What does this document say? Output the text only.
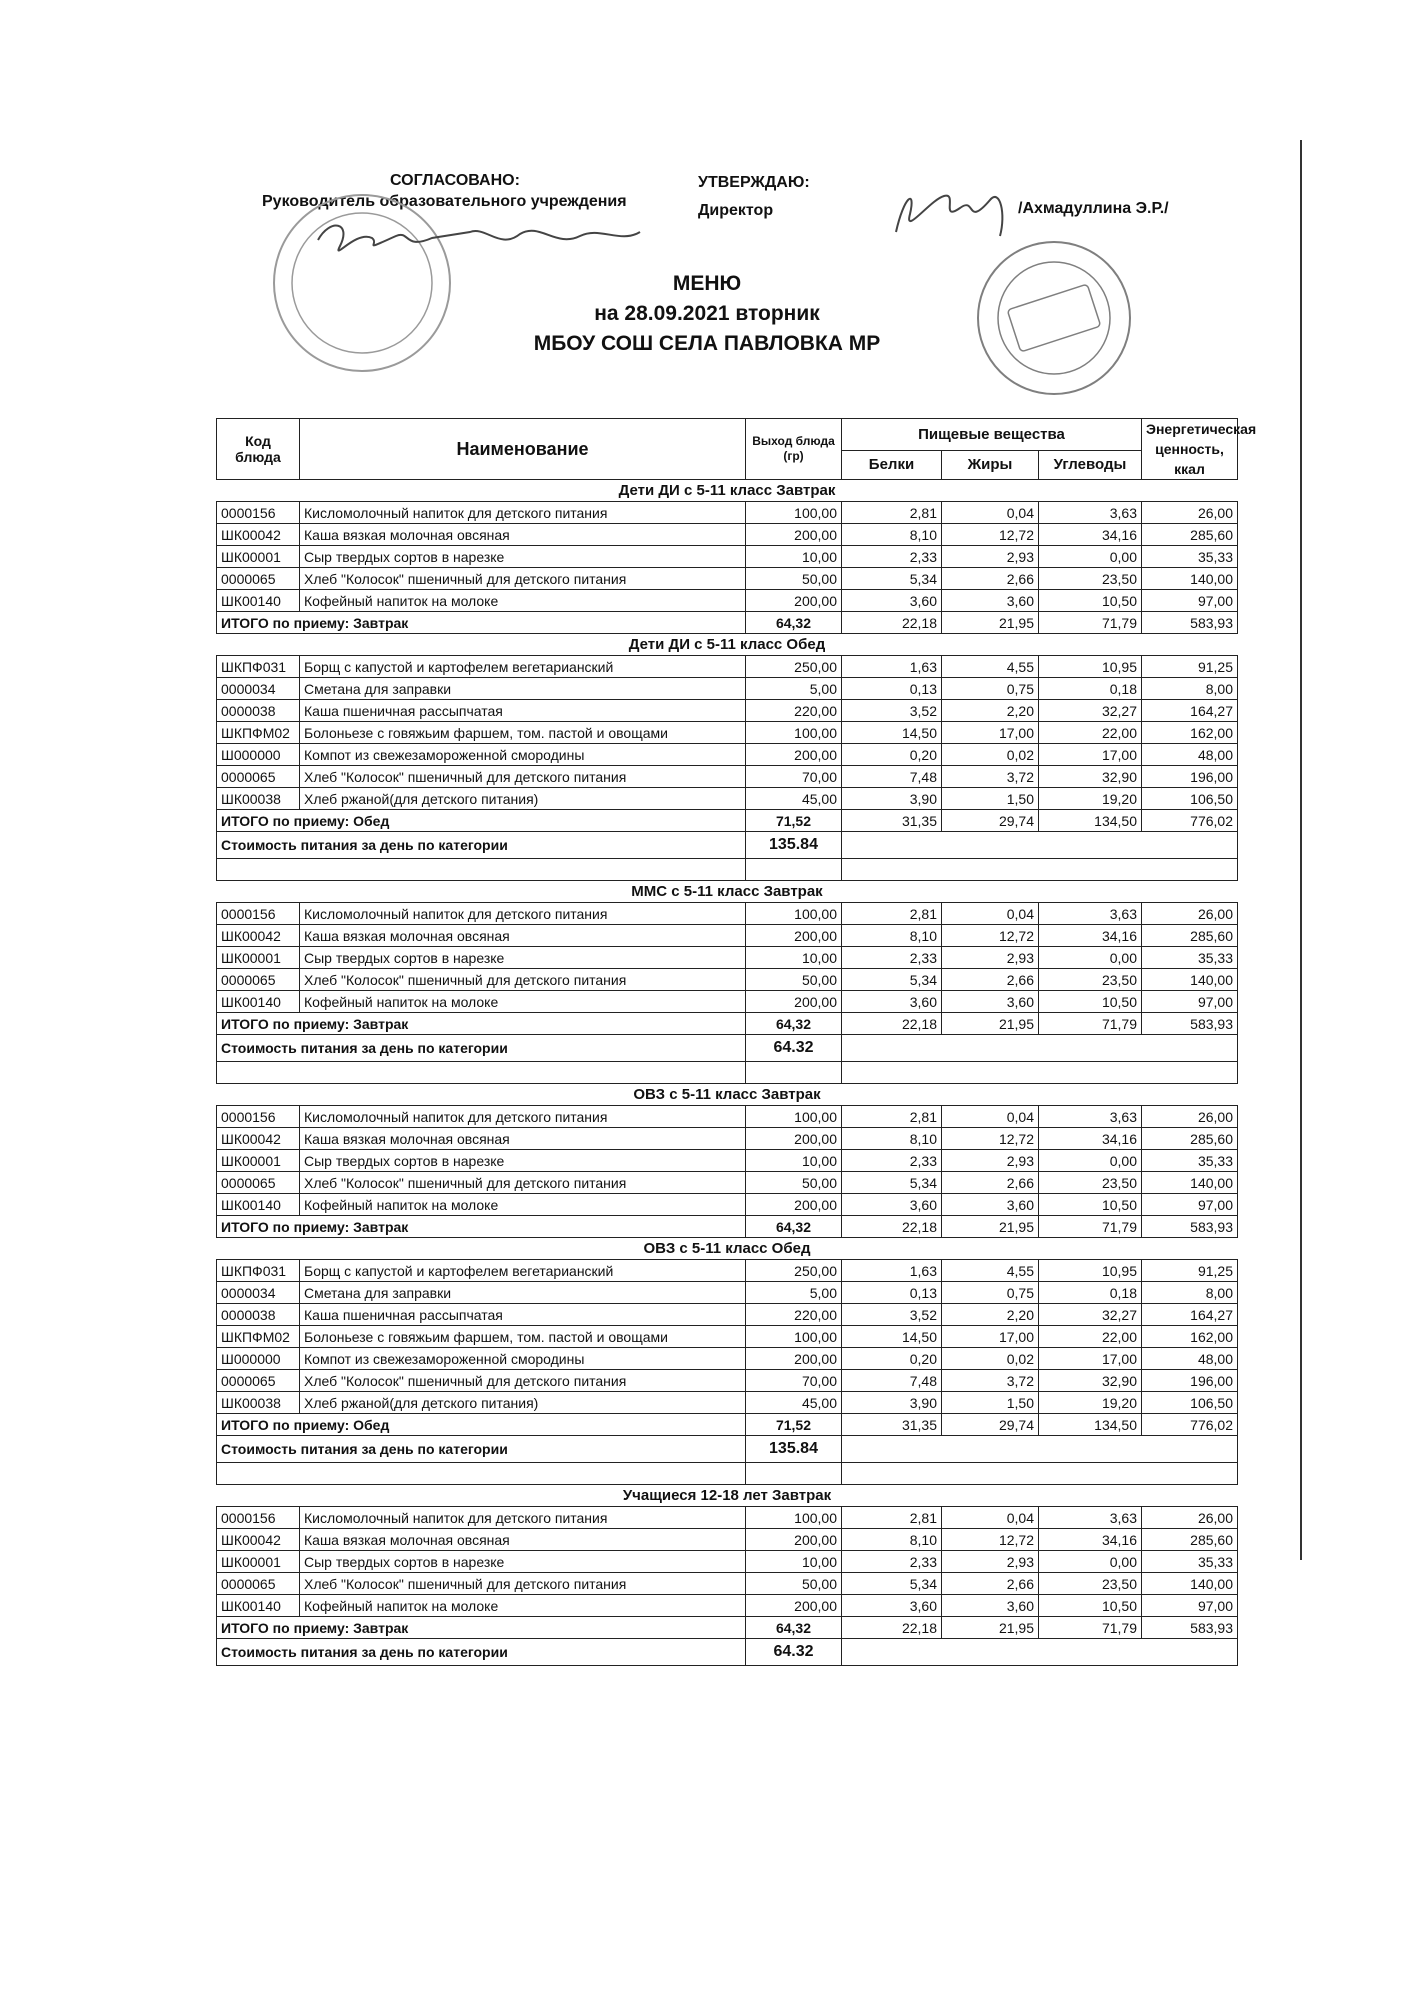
СОГЛАСОВАНО:
Руководитель образовательного учреждения
УТВЕРЖДАЮ:
Директор	/Ахмадуллина Э.Р./
МЕНЮ
на 28.09.2021 вторник
МБОУ СОШ СЕЛА ПАВЛОВКА МР
Код блюда	Наименование	Выход блюда (гр)	Пищевые вещества			Энергетическая ценность, ккал
			Белки	Жиры	Углеводы	
Дети ДИ с 5-11 класс Завтрак						
0000156	Кисломолочный напиток для детского питания	100,00	2,81	0,04	3,63	26,00
ШК00042	Каша вязкая молочная овсяная	200,00	8,10	12,72	34,16	285,60
ШК00001	Сыр твердых сортов в нарезке	10,00	2,33	2,93	0,00	35,33
0000065	Хлеб "Колосок" пшеничный для детского питания	50,00	5,34	2,66	23,50	140,00
ШК00140	Кофейный напиток на молоке	200,00	3,60	3,60	10,50	97,00
ИТОГО по приему: Завтрак		64,32	22,18	21,95	71,79	583,93
Дети ДИ с 5-11 класс Обед						
ШКПФ031	Борщ с капустой и картофелем вегетарианский	250,00	1,63	4,55	10,95	91,25
0000034	Сметана для заправки	5,00	0,13	0,75	0,18	8,00
0000038	Каша пшеничная рассыпчатая	220,00	3,52	2,20	32,27	164,27
ШКПФМ02	Болоньезе с говяжьим фаршем, том. пастой и овощами	100,00	14,50	17,00	22,00	162,00
Ш000000	Компот из свежезамороженной смородины	200,00	0,20	0,02	17,00	48,00
0000065	Хлеб "Колосок" пшеничный для детского питания	70,00	7,48	3,72	32,90	196,00
ШК00038	Хлеб ржаной(для детского питания)	45,00	3,90	1,50	19,20	106,50
ИТОГО по приему: Обед		71,52	31,35	29,74	134,50	776,02
Стоимость питания за день по категории		135.84				

ММС с 5-11 класс Завтрак						
0000156	Кисломолочный напиток для детского питания	100,00	2,81	0,04	3,63	26,00
ШК00042	Каша вязкая молочная овсяная	200,00	8,10	12,72	34,16	285,60
ШК00001	Сыр твердых сортов в нарезке	10,00	2,33	2,93	0,00	35,33
0000065	Хлеб "Колосок" пшеничный для детского питания	50,00	5,34	2,66	23,50	140,00
ШК00140	Кофейный напиток на молоке	200,00	3,60	3,60	10,50	97,00
ИТОГО по приему: Завтрак		64,32	22,18	21,95	71,79	583,93
Стоимость питания за день по категории		64.32				

ОВЗ с 5-11 класс Завтрак						
0000156	Кисломолочный напиток для детского питания	100,00	2,81	0,04	3,63	26,00
ШК00042	Каша вязкая молочная овсяная	200,00	8,10	12,72	34,16	285,60
ШК00001	Сыр твердых сортов в нарезке	10,00	2,33	2,93	0,00	35,33
0000065	Хлеб "Колосок" пшеничный для детского питания	50,00	5,34	2,66	23,50	140,00
ШК00140	Кофейный напиток на молоке	200,00	3,60	3,60	10,50	97,00
ИТОГО по приему: Завтрак		64,32	22,18	21,95	71,79	583,93
ОВЗ с 5-11 класс Обед						
ШКПФ031	Борщ с капустой и картофелем вегетарианский	250,00	1,63	4,55	10,95	91,25
0000034	Сметана для заправки	5,00	0,13	0,75	0,18	8,00
0000038	Каша пшеничная рассыпчатая	220,00	3,52	2,20	32,27	164,27
ШКПФМ02	Болоньезе с говяжьим фаршем, том. пастой и овощами	100,00	14,50	17,00	22,00	162,00
Ш000000	Компот из свежезамороженной смородины	200,00	0,20	0,02	17,00	48,00
0000065	Хлеб "Колосок" пшеничный для детского питания	70,00	7,48	3,72	32,90	196,00
ШК00038	Хлеб ржаной(для детского питания)	45,00	3,90	1,50	19,20	106,50
ИТОГО по приему: Обед		71,52	31,35	29,74	134,50	776,02
Стоимость питания за день по категории		135.84				

Учащиеся 12-18 лет Завтрак						
0000156	Кисломолочный напиток для детского питания	100,00	2,81	0,04	3,63	26,00
ШК00042	Каша вязкая молочная овсяная	200,00	8,10	12,72	34,16	285,60
ШК00001	Сыр твердых сортов в нарезке	10,00	2,33	2,93	0,00	35,33
0000065	Хлеб "Колосок" пшеничный для детского питания	50,00	5,34	2,66	23,50	140,00
ШК00140	Кофейный напиток на молоке	200,00	3,60	3,60	10,50	97,00
ИТОГО по приему: Завтрак		64,32	22,18	21,95	71,79	583,93
Стоимость питания за день по категории		64.32				
